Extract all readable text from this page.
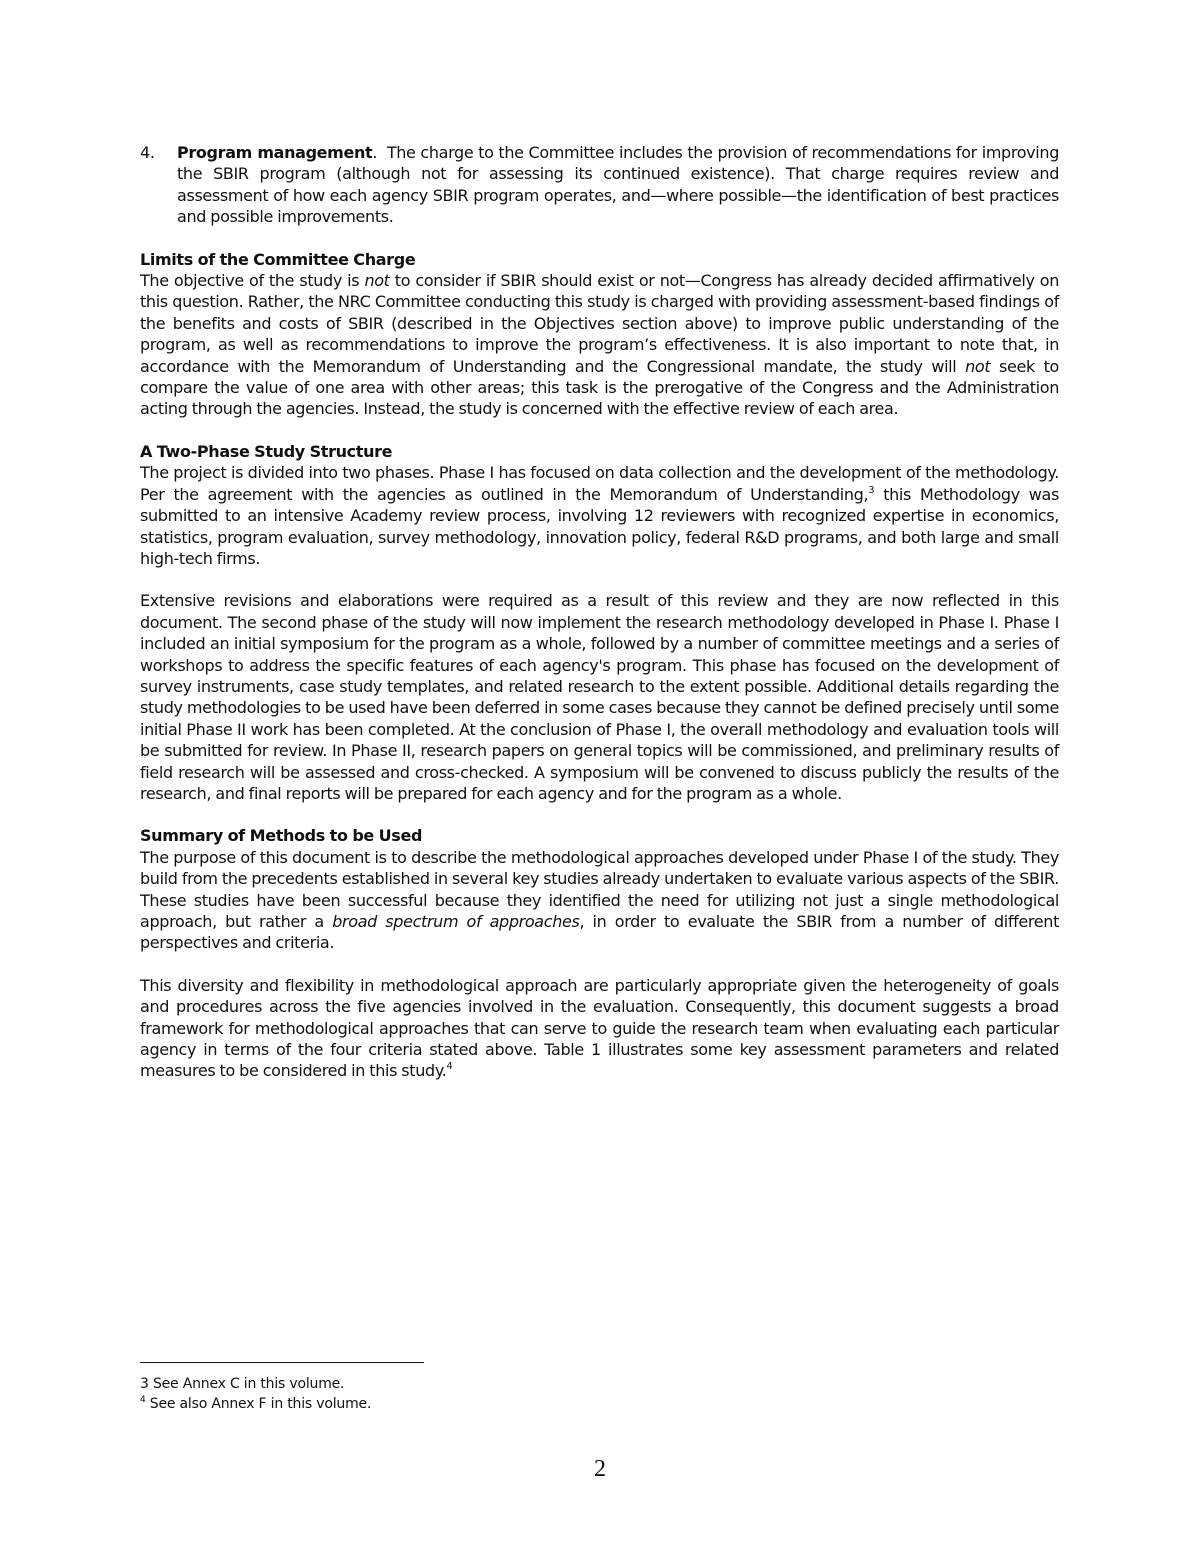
4.	Program management. The charge to the Committee includes the provision of recommendations for improving the SBIR program (although not for assessing its continued existence). That charge requires review and assessment of how each agency SBIR program operates, and—where possible—the identification of best practices and possible improvements.

Limits of the Committee Charge

The objective of the study is not to consider if SBIR should exist or not—Congress has already decided affirmatively on this question. Rather, the NRC Committee conducting this study is charged with providing assessment-based findings of the benefits and costs of SBIR (described in the Objectives section above) to improve public understanding of the program, as well as recommendations to improve the program’s effectiveness. It is also important to note that, in accordance with the Memorandum of Understanding and the Congressional mandate, the study will not seek to compare the value of one area with other areas; this task is the prerogative of the Congress and the Administration acting through the agencies. Instead, the study is concerned with the effective review of each area.

A Two-Phase Study Structure

The project is divided into two phases. Phase I has focused on data collection and the development of the methodology. Per the agreement with the agencies as outlined in the Memorandum of Understanding,$^3$ this Methodology was submitted to an intensive Academy review process, involving 12 reviewers with recognized expertise in economics, statistics, program evaluation, survey methodology, innovation policy, federal R&D programs, and both large and small high-tech firms.

Extensive revisions and elaborations were required as a result of this review and they are now reflected in this document. The second phase of the study will now implement the research methodology developed in Phase I. Phase I included an initial symposium for the program as a whole, followed by a number of committee meetings and a series of workshops to address the specific features of each agency's program. This phase has focused on the development of survey instruments, case study templates, and related research to the extent possible. Additional details regarding the study methodologies to be used have been deferred in some cases because they cannot be defined precisely until some initial Phase II work has been completed. At the conclusion of Phase I, the overall methodology and evaluation tools will be submitted for review. In Phase II, research papers on general topics will be commissioned, and preliminary results of field research will be assessed and cross-checked. A symposium will be convened to discuss publicly the results of the research, and final reports will be prepared for each agency and for the program as a whole.

Summary of Methods to be Used

The purpose of this document is to describe the methodological approaches developed under Phase I of the study. They build from the precedents established in several key studies already undertaken to evaluate various aspects of the SBIR. These studies have been successful because they identified the need for utilizing not just a single methodological approach, but rather a broad spectrum of approaches, in order to evaluate the SBIR from a number of different perspectives and criteria.

This diversity and flexibility in methodological approach are particularly appropriate given the heterogeneity of goals and procedures across the five agencies involved in the evaluation. Consequently, this document suggests a broad framework for methodological approaches that can serve to guide the research team when evaluating each particular agency in terms of the four criteria stated above. Table 1 illustrates some key assessment parameters and related measures to be considered in this study.$^4$

3 See Annex C in this volume.
$^4$ See also Annex F in this volume.
2
